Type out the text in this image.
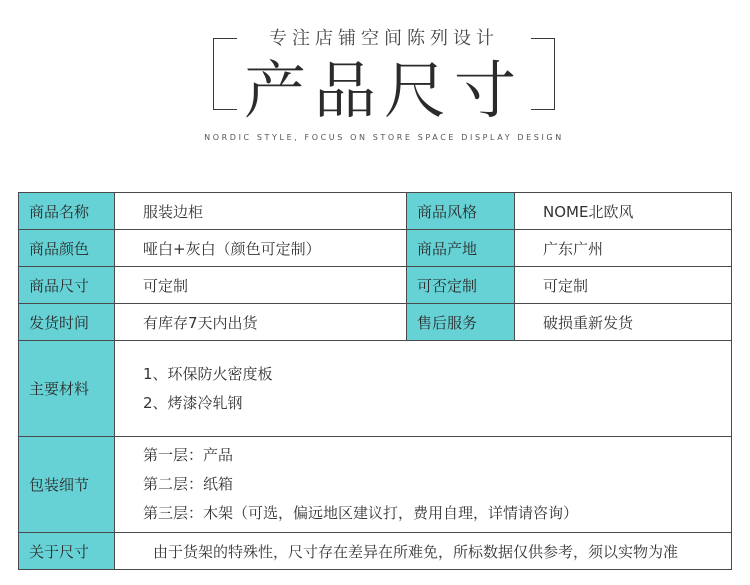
专注店铺空间陈列设计
产品尺寸
NORDIC STYLE, FOCUS ON STORE SPACE DISPLAY DESIGN
商品名称	服装边柜	商品风格	NOME北欧风
商品颜色	哑白+灰白（颜色可定制）	商品产地	广东广州
商品尺寸	可定制	可否定制	可定制
发货时间	有库存7天内出货	售后服务	破损重新发货
主要材料	1、环保防火密度板
2、烤漆冷轧钢		

包装细节	第一层：产品
第二层：纸箱
第三层：木架（可选，偏远地区建议打，费用自理，详情请咨询）		

关于尺寸	由于货架的特殊性，尺寸存在差异在所难免，所标数据仅供参考，须以实物为准		
